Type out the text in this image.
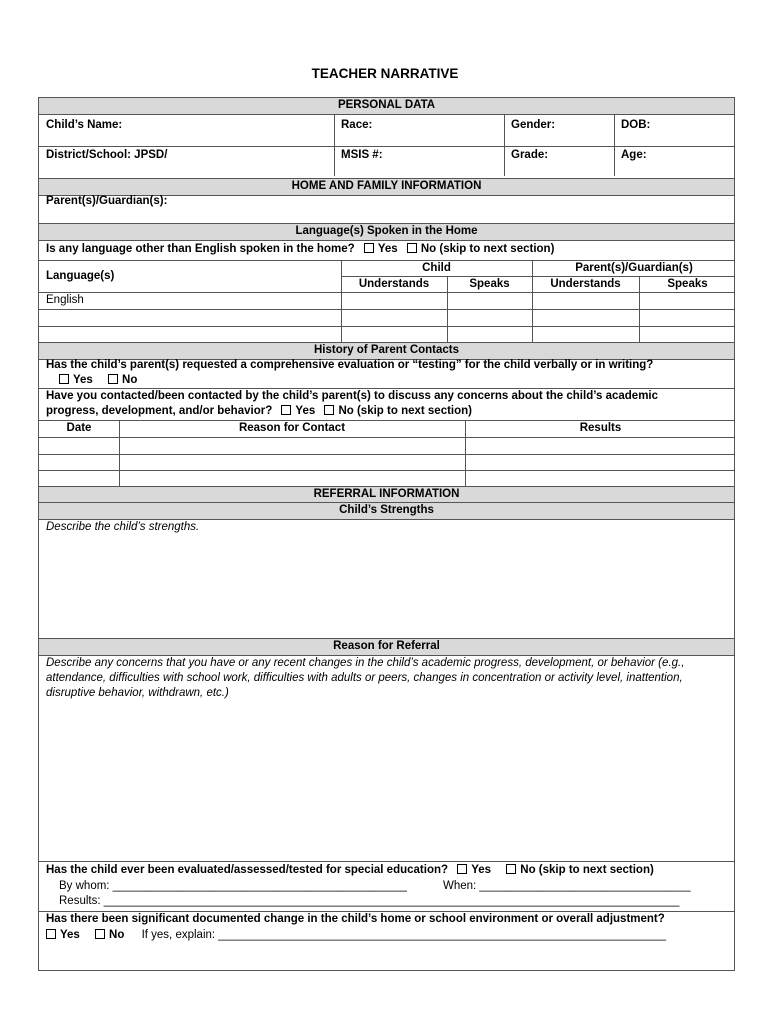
TEACHER NARRATIVE
PERSONAL DATA
Child’s Name:	Race:	Gender:	DOB:
District/School: JPSD/	MSIS #:	Grade:	Age:
HOME AND FAMILY INFORMATION
Parent(s)/Guardian(s):
Language(s) Spoken in the Home
Is any language other than English spoken in the home? Yes No (skip to next section)
Language(s)
Child	Parent(s)/Guardian(s)
Understands	Speaks	Understands	Speaks
English
History of Parent Contacts
Has the child’s parent(s) requested a comprehensive evaluation or “testing” for the child verbally or in writing?
Yes	No
Have you contacted/been contacted by the child’s parent(s) to discuss any concerns about the child’s academic
progress, development, and/or behavior? Yes No (skip to next section)
Date	Reason for Contact	Results
REFERRAL INFORMATION
Child’s Strengths
Describe the child’s strengths.
Reason for Referral
Describe any concerns that you have or any recent changes in the child’s academic progress, development, or behavior (e.g., attendance, difficulties with school work, difficulties with adults or peers, changes in concentration or activity level, inattention, disruptive behavior, withdrawn, etc.)
Has the child ever been evaluated/assessed/tested for special education? Yes	No (skip to next section)
By whom: ______________________________________________	When: _________________________________
Results: __________________________________________________________________________________________
Has there been significant documented change in the child’s home or school environment or overall adjustment?
Yes	No If yes, explain: ______________________________________________________________________
